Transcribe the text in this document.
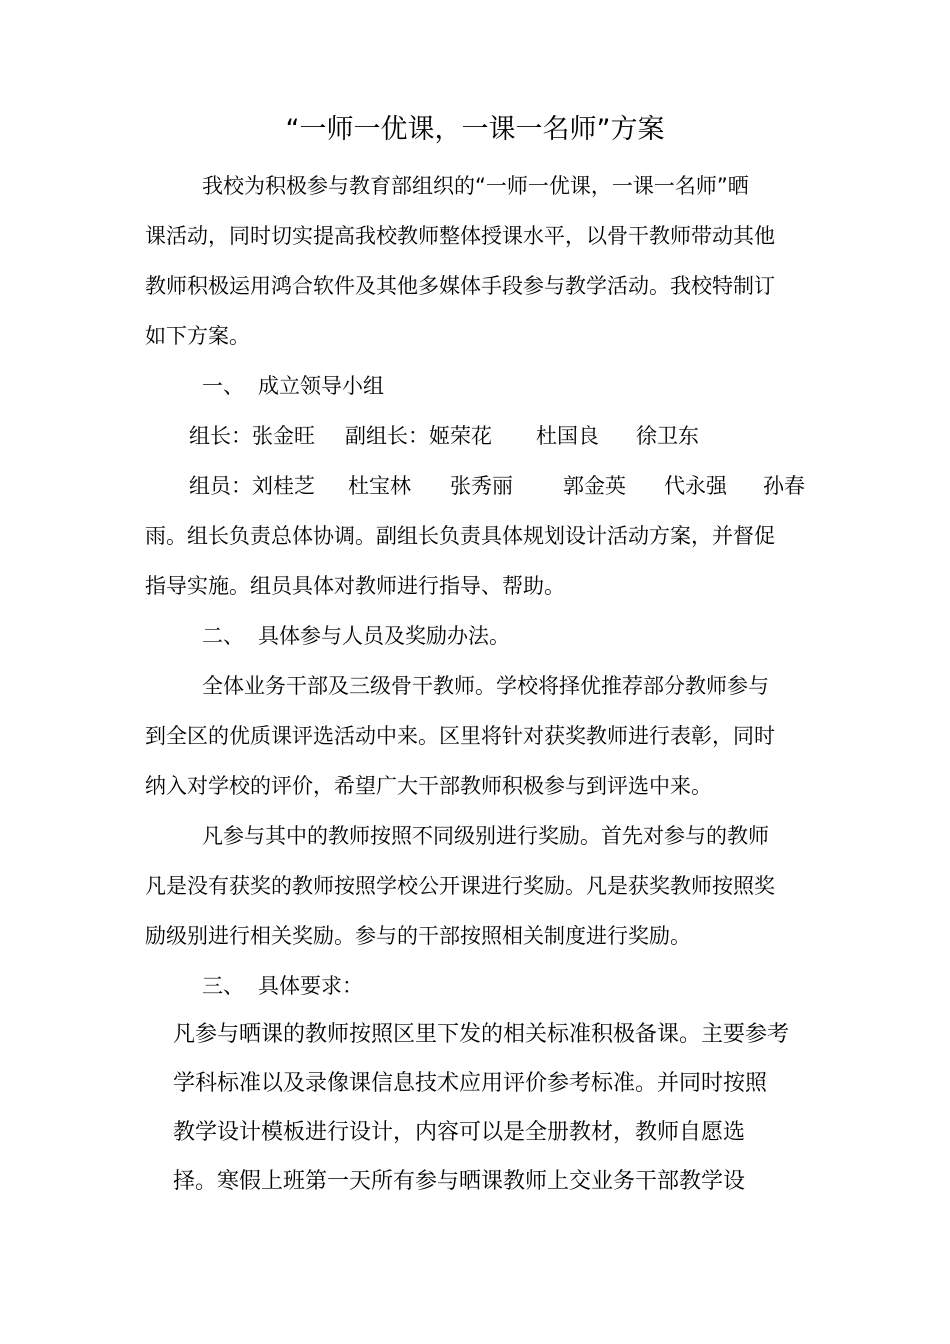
“一师一优课，一课一名师”方案
我校为积极参与教育部组织的“一师一优课，一课一名师”晒
课活动，同时切实提高我校教师整体授课水平，以骨干教师带动其他
教师积极运用鸿合软件及其他多媒体手段参与教学活动。我校特制订
如下方案。
一、 成立领导小组
组长：张金旺 副组长：姬荣花 杜国良 徐卫东
组员：刘桂芝 杜宝林 张秀丽 郭金英 代永强 孙春
雨。组长负责总体协调。副组长负责具体规划设计活动方案，并督促
指导实施。组员具体对教师进行指导、帮助。
二、 具体参与人员及奖励办法。
全体业务干部及三级骨干教师。学校将择优推荐部分教师参与
到全区的优质课评选活动中来。区里将针对获奖教师进行表彰，同时
纳入对学校的评价，希望广大干部教师积极参与到评选中来。
凡参与其中的教师按照不同级别进行奖励。首先对参与的教师
凡是没有获奖的教师按照学校公开课进行奖励。凡是获奖教师按照奖
励级别进行相关奖励。参与的干部按照相关制度进行奖励。
三、 具体要求：
凡参与晒课的教师按照区里下发的相关标准积极备课。主要参考
学科标准以及录像课信息技术应用评价参考标准。并同时按照
教学设计模板进行设计，内容可以是全册教材，教师自愿选
择。寒假上班第一天所有参与晒课教师上交业务干部教学设
